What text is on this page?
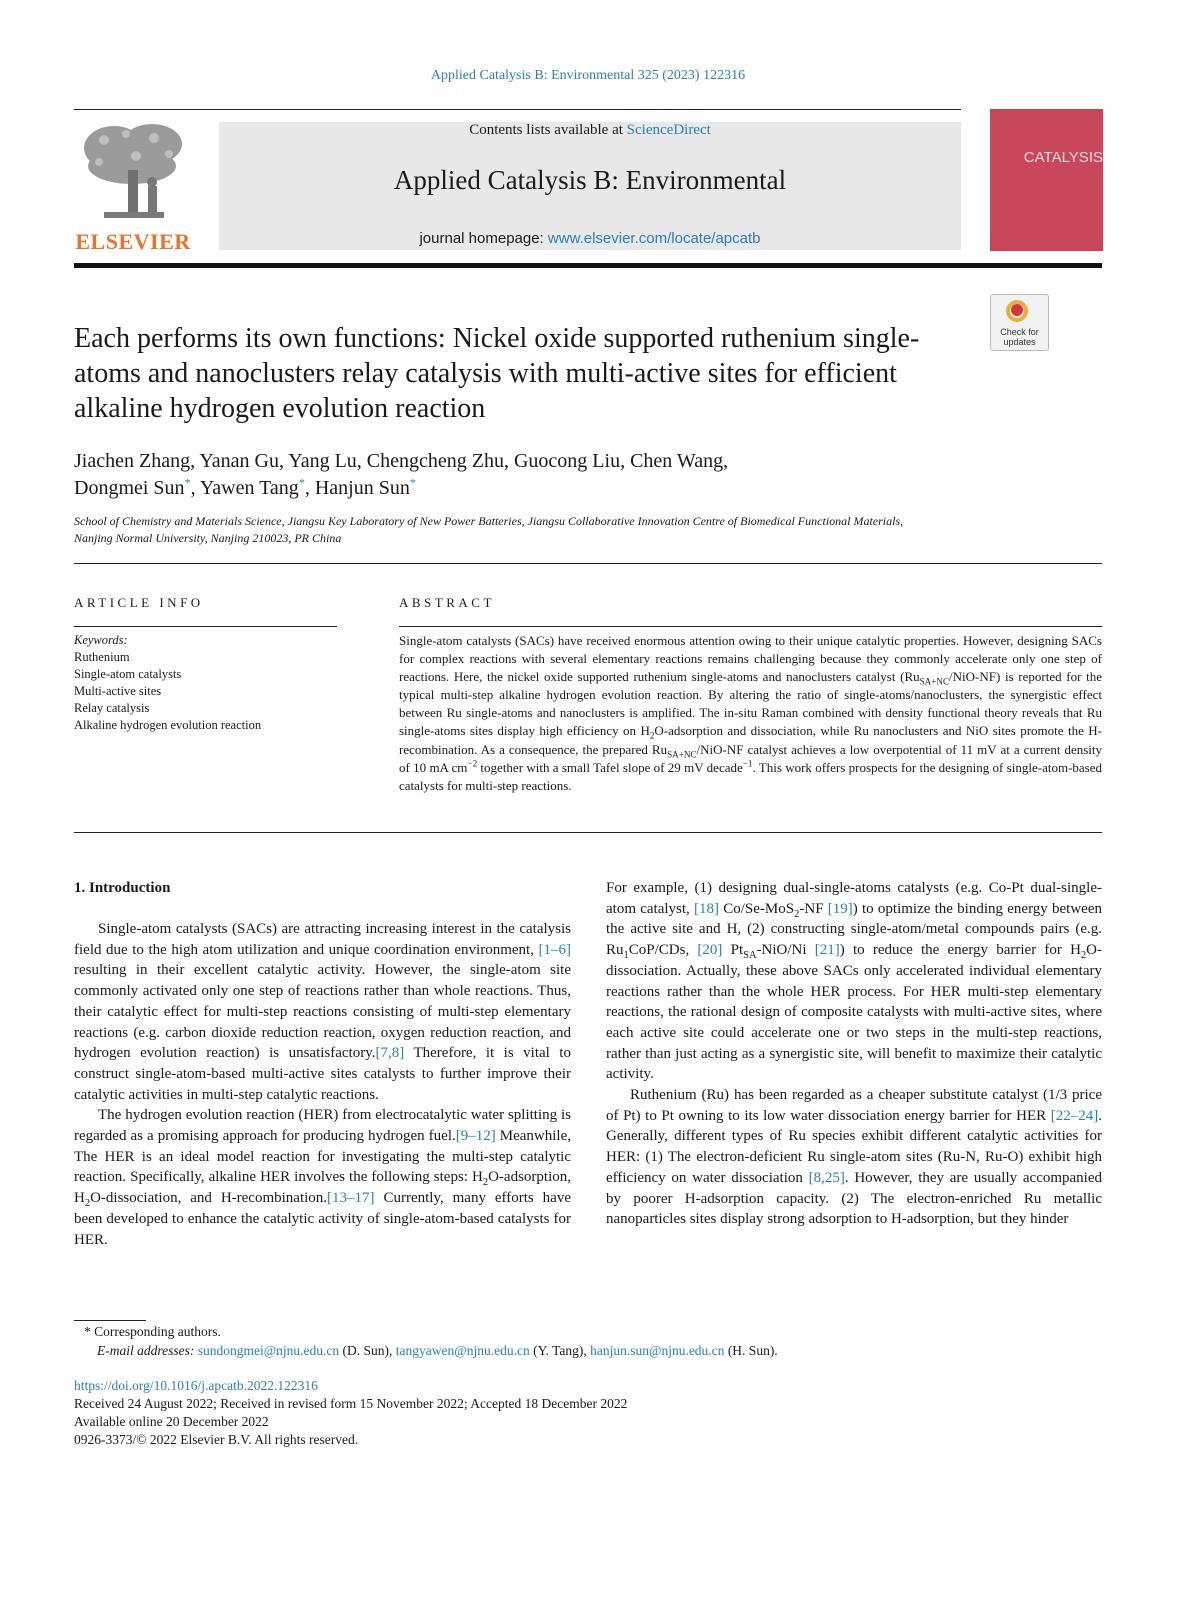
Applied Catalysis B: Environmental 325 (2023) 122316
ELSEVIER
Contents lists available at ScienceDirect
Applied Catalysis B: Environmental
journal homepage: www.elsevier.com/locate/apcatb
CATALYSIS
Check for updates
Each performs its own functions: Nickel oxide supported ruthenium single-atoms and nanoclusters relay catalysis with multi-active sites for efficient alkaline hydrogen evolution reaction
Jiachen Zhang, Yanan Gu, Yang Lu, Chengcheng Zhu, Guocong Liu, Chen Wang,
Dongmei Sun*, Yawen Tang*, Hanjun Sun*
School of Chemistry and Materials Science, Jiangsu Key Laboratory of New Power Batteries, Jiangsu Collaborative Innovation Centre of Biomedical Functional Materials,
Nanjing Normal University, Nanjing 210023, PR China
ARTICLE INFO	ABSTRACT
Keywords:
Ruthenium
Single-atom catalysts
Multi-active sites
Relay catalysis
Alkaline hydrogen evolution reaction
Single-atom catalysts (SACs) have received enormous attention owing to their unique catalytic properties. However, designing SACs for complex reactions with several elementary reactions remains challenging because they commonly accelerate only one step of reactions. Here, the nickel oxide supported ruthenium single-atoms and nanoclusters catalyst $(Ru_{SA+NC}/NiO-NF)$ is reported for the typical multi-step alkaline hydrogen evolution reaction. By altering the ratio of single-atoms/nanoclusters, the synergistic effect between Ru single-atoms and nanoclusters is amplified. The in-situ Raman combined with density functional theory reveals that Ru single-atoms sites display high efficiency on $H_2O$-adsorption and dissociation, while Ru nanoclusters and NiO sites promote the H-recombination. As a consequence, the prepared $Ru_{SA+NC}/NiO-NF$ catalyst achieves a low overpotential of 11 mV at a current density of 10 mA $cm^{-2}$ together with a small Tafel slope of 29 mV decade$^{-1}$. This work offers prospects for the designing of single-atom-based catalysts for multi-step reactions.
1. Introduction

Single-atom catalysts (SACs) are attracting increasing interest in the catalysis field due to the high atom utilization and unique coordination environment, [1–6] resulting in their excellent catalytic activity. However, the single-atom site commonly activated only one step of reactions rather than whole reactions. Thus, their catalytic effect for multi-step reactions consisting of multi-step elementary reactions (e.g. carbon dioxide reduction reaction, oxygen reduction reaction, and hydrogen evolution reaction) is unsatisfactory.[7,8] Therefore, it is vital to construct single-atom-based multi-active sites catalysts to further improve their catalytic activities in multi-step catalytic reactions.

The hydrogen evolution reaction (HER) from electrocatalytic water splitting is regarded as a promising approach for producing hydrogen fuel.[9–12] Meanwhile, The HER is an ideal model reaction for investigating the multi-step catalytic reaction. Specifically, alkaline HER involves the following steps: $H_2O$-adsorption, $H_2O$-dissociation, and H-recombination.[13–17] Currently, many efforts have been developed to enhance the catalytic activity of single-atom-based catalysts for HER.

For example, (1) designing dual-single-atoms catalysts (e.g. Co-Pt dual-single-atom catalyst, [18] Co/Se-MoS$_2$-NF [19]) to optimize the binding energy between the active site and H, (2) constructing single-atom/metal compounds pairs (e.g. $Ru_1CoP$/CDs, [20] $Pt_{SA}-NiO/Ni$ [21]) to reduce the energy barrier for $H_2O$-dissociation. Actually, these above SACs only accelerated individual elementary reactions rather than the whole HER process. For HER multi-step elementary reactions, the rational design of composite catalysts with multi-active sites, where each active site could accelerate one or two steps in the multi-step reactions, rather than just acting as a synergistic site, will benefit to maximize their catalytic activity.

Ruthenium (Ru) has been regarded as a cheaper substitute catalyst (1/3 price of Pt) to Pt owning to its low water dissociation energy barrier for HER [22–24]. Generally, different types of Ru species exhibit different catalytic activities for HER: (1) The electron-deficient Ru single-atom sites (Ru-N, Ru-O) exhibit high efficiency on water dissociation [8,25]. However, they are usually accompanied by poorer H-adsorption capacity. (2) The electron-enriched Ru metallic nanoparticles sites display strong adsorption to H-adsorption, but they hinder

* Corresponding authors.
E-mail addresses: sundongmei@njnu.edu.cn (D. Sun), tangyawen@njnu.edu.cn (Y. Tang), hanjun.sun@njnu.edu.cn (H. Sun).
https://doi.org/10.1016/j.apcatb.2022.122316
Received 24 August 2022; Received in revised form 15 November 2022; Accepted 18 December 2022
Available online 20 December 2022
0926-3373/© 2022 Elsevier B.V. All rights reserved.
